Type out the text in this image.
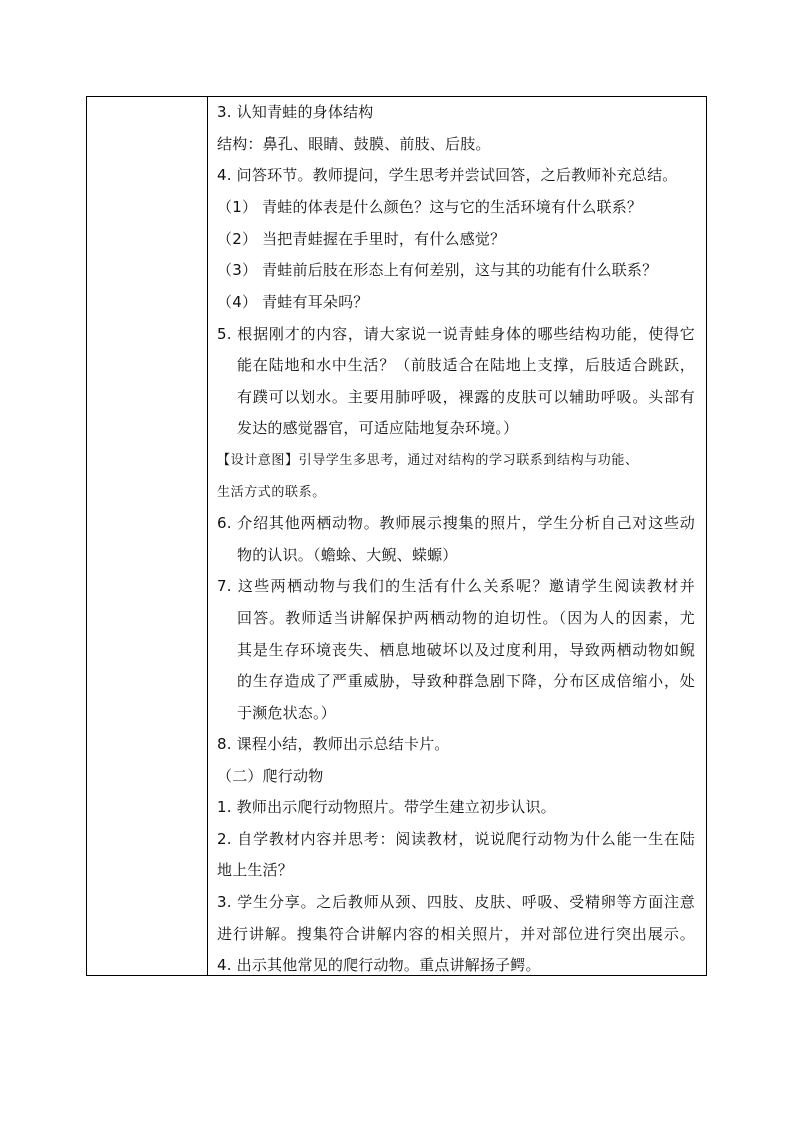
3. 认知青蛙的身体结构
结构：鼻孔、眼睛、鼓膜、前肢、后肢。
4. 问答环节。教师提问，学生思考并尝试回答，之后教师补充总结。
（1） 青蛙的体表是什么颜色？这与它的生活环境有什么联系？
（2） 当把青蛙握在手里时，有什么感觉？
（3） 青蛙前后肢在形态上有何差别，这与其的功能有什么联系？
（4） 青蛙有耳朵吗？
5. 根据刚才的内容，请大家说一说青蛙身体的哪些结构功能，使得它
能在陆地和水中生活？（前肢适合在陆地上支撑，后肢适合跳跃，
有蹼可以划水。主要用肺呼吸，裸露的皮肤可以辅助呼吸。头部有
发达的感觉器官，可适应陆地复杂环境。）
【设计意图】引导学生多思考，通过对结构的学习联系到结构与功能、
生活方式的联系。
6. 介绍其他两栖动物。教师展示搜集的照片，学生分析自己对这些动
物的认识。（蟾蜍、大鲵、蝾螈）
7. 这些两栖动物与我们的生活有什么关系呢？邀请学生阅读教材并
回答。教师适当讲解保护两栖动物的迫切性。（因为人的因素，尤
其是生存环境丧失、栖息地破坏以及过度利用，导致两栖动物如鲵
的生存造成了严重威胁，导致种群急剧下降，分布区成倍缩小，处
于濒危状态。）
8. 课程小结，教师出示总结卡片。
（二）爬行动物
1. 教师出示爬行动物照片。带学生建立初步认识。
2. 自学教材内容并思考：阅读教材，说说爬行动物为什么能一生在陆
地上生活？
3. 学生分享。之后教师从颈、四肢、皮肤、呼吸、受精卵等方面注意
进行讲解。搜集符合讲解内容的相关照片，并对部位进行突出展示。
4. 出示其他常见的爬行动物。重点讲解扬子鳄。
